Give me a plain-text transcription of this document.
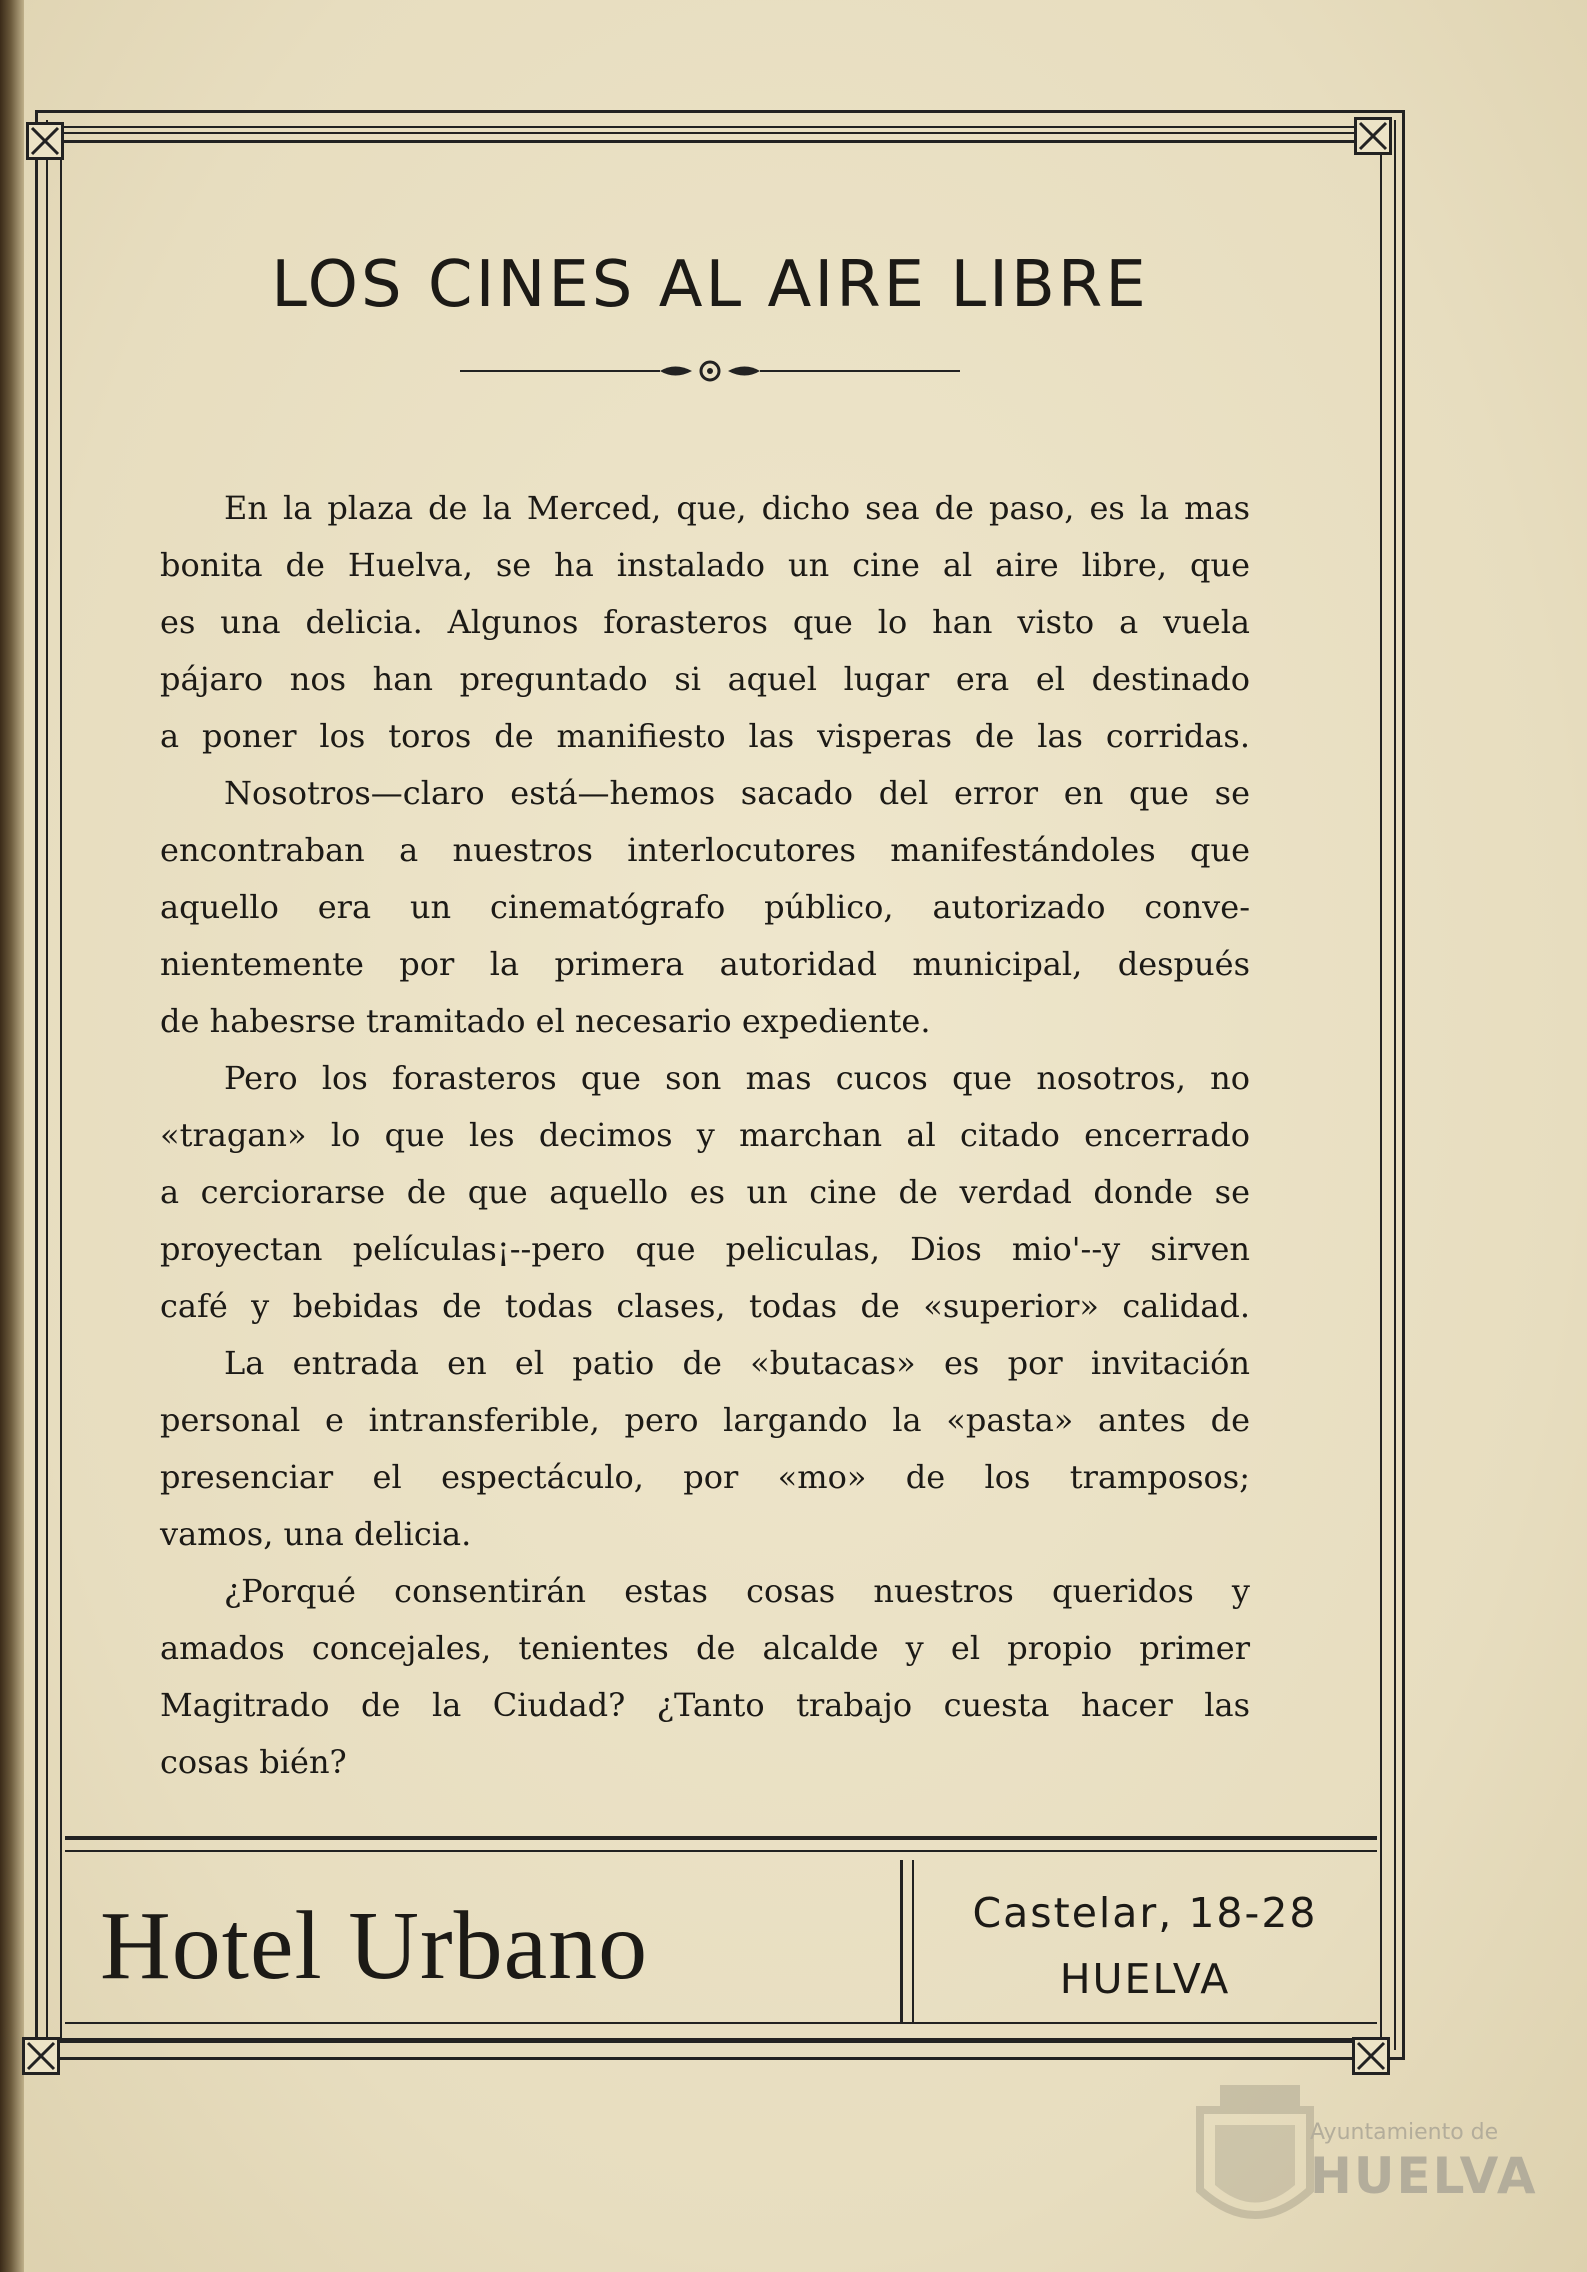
LOS CINES AL AIRE LIBRE
En la plaza de la Merced, que, dicho sea de paso, es la mas
bonita de Huelva, se ha instalado un cine al aire libre, que
es una delicia. Algunos forasteros que lo han visto a vuela
pájaro nos han preguntado si aquel lugar era el destinado
a poner los toros de manifiesto las visperas de las corridas.
Nosotros—claro está—hemos sacado del error en que se
encontraban a nuestros interlocutores manifestándoles que
aquello era un cinematógrafo público, autorizado conve-
nientemente por la primera autoridad municipal, después
de habesrse tramitado el necesario expediente.
Pero los forasteros que son mas cucos que nosotros, no
«tragan» lo que les decimos y marchan al citado encerrado
a cerciorarse de que aquello es un cine de verdad donde se
proyectan películas¡--pero que peliculas, Dios mio'--y sirven
café y bebidas de todas clases, todas de «superior» calidad.
La entrada en el patio de «butacas» es por invitación
personal e intransferible, pero largando la «pasta» antes de
presenciar el espectáculo, por «mo» de los tramposos;
vamos, una delicia.
¿Porqué consentirán estas cosas nuestros queridos y
amados concejales, tenientes de alcalde y el propio primer
Magitrado de la Ciudad? ¿Tanto trabajo cuesta hacer las
cosas bién?
Hotel Urbano	Castelar, 18-28
HUELVA
Ayuntamiento de
HUELVA
